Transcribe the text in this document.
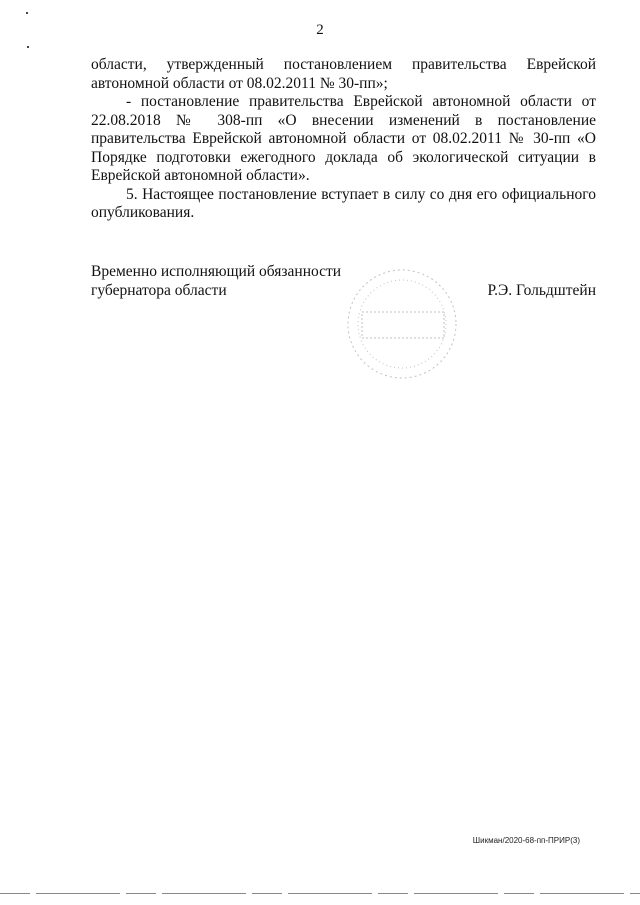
2

области, утвержденный постановлением правительства Еврейской автономной области от 08.02.2011 № 30-пп»;

- постановление правительства Еврейской автономной области от 22.08.2018 № 308-пп «О внесении изменений в постановление правительства Еврейской автономной области от 08.02.2011 № 30-пп «О Порядке подготовки ежегодного доклада об экологической ситуации в Еврейской автономной области».

5. Настоящее постановление вступает в силу со дня его официального опубликования.

Временно исполняющий обязанности
губернатора области	Р.Э. Гольдштейн
Шикман/2020-68-пп-ПРИР(3)
